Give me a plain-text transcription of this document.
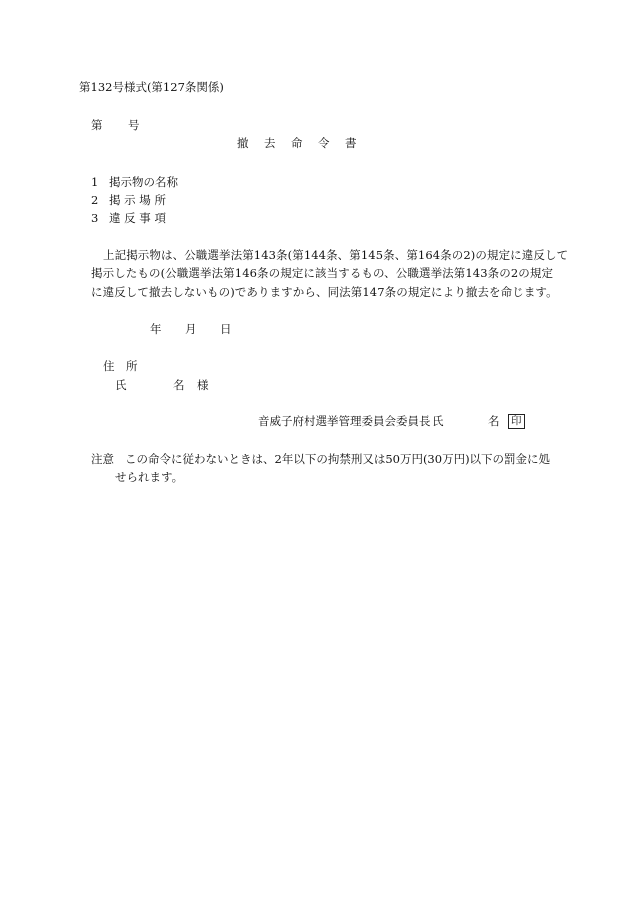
第132号様式(第127条関係)
第 号
撤　去　命　令　書
1 掲示物の名称
2 掲 示 場 所
3 違 反 事 項
上記掲示物は、公職選挙法第143条(第144条、第145条、第164条の2)の規定に違反して
掲示したもの(公職選挙法第146条の規定に該当するもの、公職選挙法第143条の2の規定
に違反して撤去しないもの)でありますから、同法第147条の規定により撤去を命じます。
年 月 日
住　所
氏	名 様
音威子府村選挙管理委員会委員長 氏	名 印
注意 この命令に従わないときは、2年以下の拘禁刑又は50万円(30万円)以下の罰金に処
せられます。
